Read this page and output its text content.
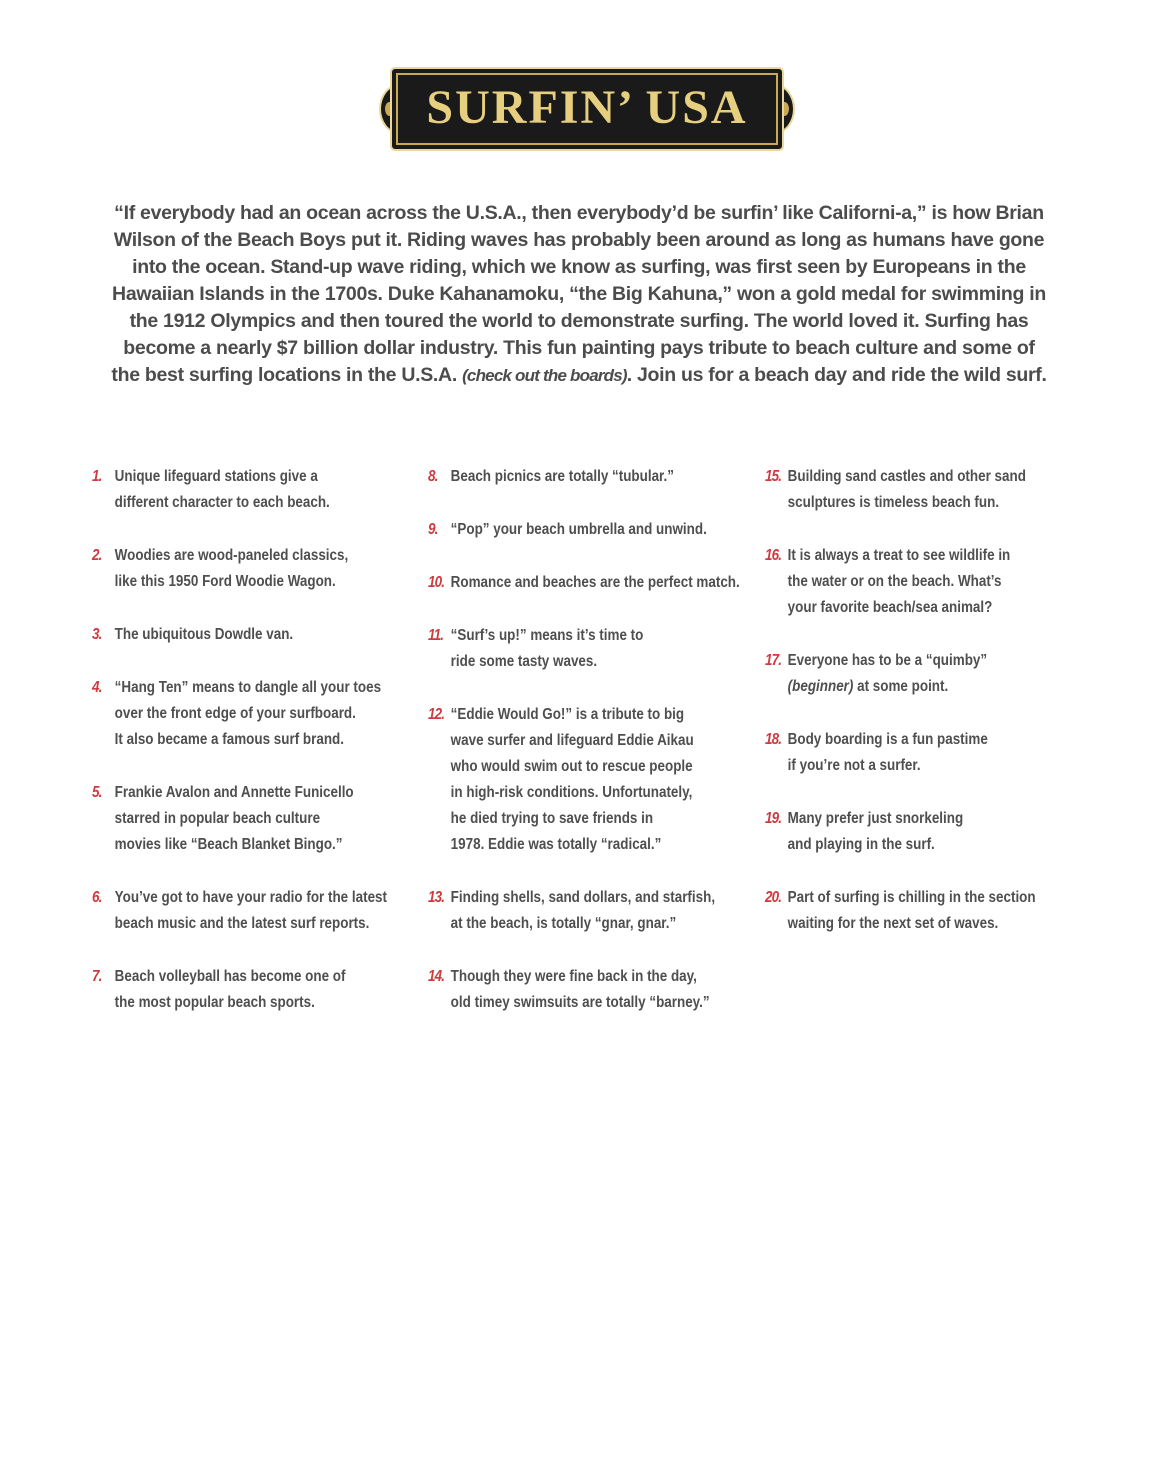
SURFIN’ USA
“If everybody had an ocean across the U.S.A., then everybody’d be surfin’ like Californi-a,” is how Brian
Wilson of the Beach Boys put it. Riding waves has probably been around as long as humans have gone
into the ocean. Stand-up wave riding, which we know as surfing, was first seen by Europeans in the
Hawaiian Islands in the 1700s. Duke Kahanamoku, “the Big Kahuna,” won a gold medal for swimming in
the 1912 Olympics and then toured the world to demonstrate surfing. The world loved it. Surfing has
become a nearly $7 billion dollar industry. This fun painting pays tribute to beach culture and some of
the best surfing locations in the U.S.A. (check out the boards). Join us for a beach day and ride the wild surf.
1. Unique lifeguard stations give a
different character to each beach.
2. Woodies are wood-paneled classics,
like this 1950 Ford Woodie Wagon.
3. The ubiquitous Dowdle van.
4. “Hang Ten” means to dangle all your toes
over the front edge of your surfboard.
It also became a famous surf brand.
5. Frankie Avalon and Annette Funicello
starred in popular beach culture
movies like “Beach Blanket Bingo.”
6. You’ve got to have your radio for the latest
beach music and the latest surf reports.
7. Beach volleyball has become one of
the most popular beach sports.
8. Beach picnics are totally “tubular.”
9. “Pop” your beach umbrella and unwind.
10. Romance and beaches are the perfect match.
11. “Surf’s up!” means it’s time to
ride some tasty waves.
12. “Eddie Would Go!” is a tribute to big
wave surfer and lifeguard Eddie Aikau
who would swim out to rescue people
in high-risk conditions. Unfortunately,
he died trying to save friends in
1978. Eddie was totally “radical.”
13. Finding shells, sand dollars, and starfish,
at the beach, is totally “gnar, gnar.”
14. Though they were fine back in the day,
old timey swimsuits are totally “barney.”
15. Building sand castles and other sand
sculptures is timeless beach fun.
16. It is always a treat to see wildlife in
the water or on the beach. What’s
your favorite beach/sea animal?
17. Everyone has to be a “quimby”
(beginner) at some point.
18. Body boarding is a fun pastime
if you’re not a surfer.
19. Many prefer just snorkeling
and playing in the surf.
20. Part of surfing is chilling in the section
waiting for the next set of waves.
